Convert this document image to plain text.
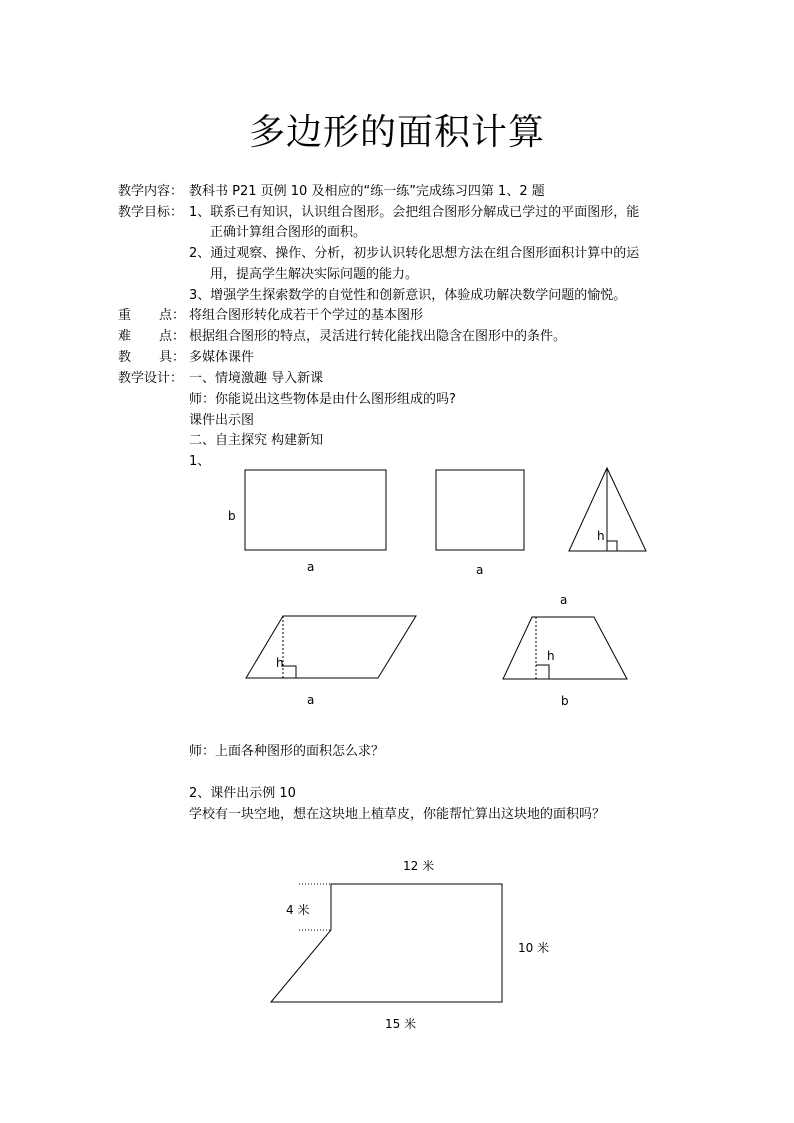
多边形的面积计算
教学内容： 教科书 P21 页例 10 及相应的“练一练”完成练习四第 1、2 题
教学目标： 1、联系已有知识，认识组合图形。会把组合图形分解成已学过的平面图形，能
正确计算组合图形的面积。
2、通过观察、操作、分析，初步认识转化思想方法在组合图形面积计算中的运
用，提高学生解决实际问题的能力。
3、增强学生探索数学的自觉性和创新意识，体验成功解决数学问题的愉悦。
重 点： 将组合图形转化成若干个学过的基本图形
难 点： 根据组合图形的特点，灵活进行转化能找出隐含在图形中的条件。
教 具： 多媒体课件
教学设计： 一、情境激趣 导入新课
师：你能说出这些物体是由什么图形组成的吗?
课件出示图
二、自主探究 构建新知
1、
b
a	a
h
h
a
a
h
b
12 米
4 米
10 米
15 米
师：上面各种图形的面积怎么求？
2、课件出示例 10
学校有一块空地，想在这块地上植草皮，你能帮忙算出这块地的面积吗？
